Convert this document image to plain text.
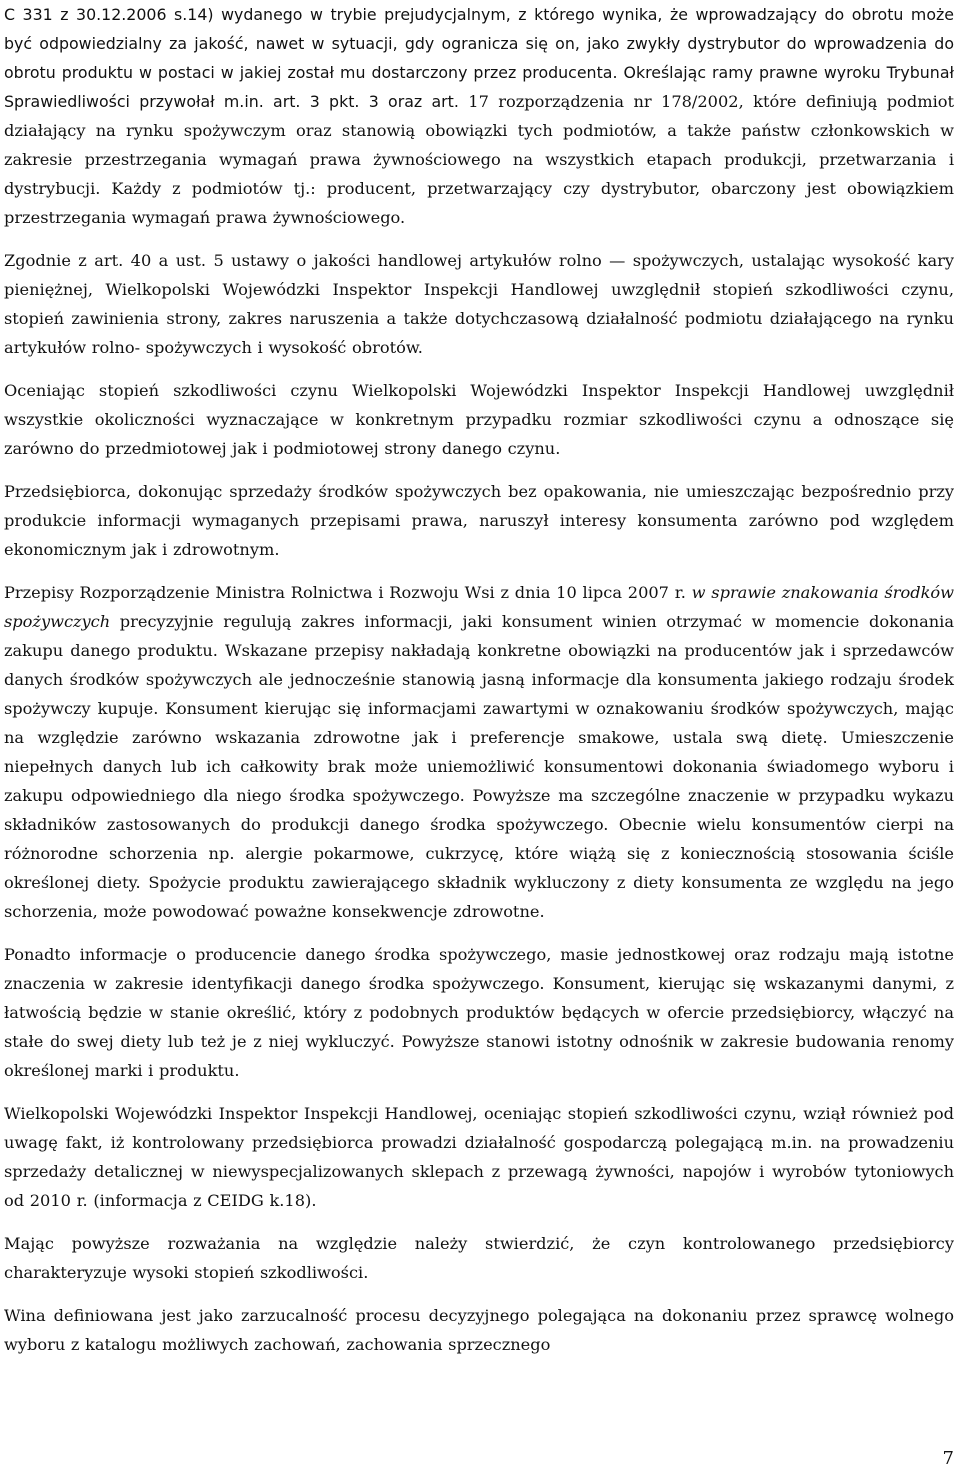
C 331 z 30.12.2006 s.14) wydanego w trybie prejudycjalnym, z którego wynika, że wprowadzający do obrotu może być odpowiedzialny za jakość, nawet w sytuacji, gdy ogranicza się on, jako zwykły dystrybutor do wprowadzenia do obrotu produktu w postaci w jakiej został mu dostarczony przez producenta. Określając ramy prawne wyroku Trybunał Sprawiedliwości przywołał m.in. art. 3 pkt. 3 oraz art. 17 rozporządzenia nr 178/2002, które definiują podmiot działający na rynku spożywczym oraz stanowią obowiązki tych podmiotów, a także państw członkowskich w zakresie przestrzegania wymagań prawa żywnościowego na wszystkich etapach produkcji, przetwarzania i dystrybucji. Każdy z podmiotów tj.: producent, przetwarzający czy dystrybutor, obarczony jest obowiązkiem przestrzegania wymagań prawa żywnościowego.

Zgodnie z art. 40 a ust. 5 ustawy o jakości handlowej artykułów rolno — spożywczych, ustalając wysokość kary pieniężnej, Wielkopolski Wojewódzki Inspektor Inspekcji Handlowej uwzględnił stopień szkodliwości czynu, stopień zawinienia strony, zakres naruszenia a także dotychczasową działalność podmiotu działającego na rynku artykułów rolno- spożywczych i wysokość obrotów.

Oceniając stopień szkodliwości czynu Wielkopolski Wojewódzki Inspektor Inspekcji Handlowej uwzględnił wszystkie okoliczności wyznaczające w konkretnym przypadku rozmiar szkodliwości czynu a odnoszące się zarówno do przedmiotowej jak i podmiotowej strony danego czynu.

Przedsiębiorca, dokonując sprzedaży środków spożywczych bez opakowania, nie umieszczając bezpośrednio przy produkcie informacji wymaganych przepisami prawa, naruszył interesy konsumenta zarówno pod względem ekonomicznym jak i zdrowotnym.

Przepisy Rozporządzenie Ministra Rolnictwa i Rozwoju Wsi z dnia 10 lipca 2007 r. w sprawie znakowania środków spożywczych precyzyjnie regulują zakres informacji, jaki konsument winien otrzymać w momencie dokonania zakupu danego produktu. Wskazane przepisy nakładają konkretne obowiązki na producentów jak i sprzedawców danych środków spożywczych ale jednocześnie stanowią jasną informacje dla konsumenta jakiego rodzaju środek spożywczy kupuje. Konsument kierując się informacjami zawartymi w oznakowaniu środków spożywczych, mając na względzie zarówno wskazania zdrowotne jak i preferencje smakowe, ustala swą dietę. Umieszczenie niepełnych danych lub ich całkowity brak może uniemożliwić konsumentowi dokonania świadomego wyboru i zakupu odpowiedniego dla niego środka spożywczego. Powyższe ma szczególne znaczenie w przypadku wykazu składników zastosowanych do produkcji danego środka spożywczego. Obecnie wielu konsumentów cierpi na różnorodne schorzenia np. alergie pokarmowe, cukrzycę, które wiążą się z koniecznością stosowania ściśle określonej diety. Spożycie produktu zawierającego składnik wykluczony z diety konsumenta ze względu na jego schorzenia, może powodować poważne konsekwencje zdrowotne.

Ponadto informacje o producencie danego środka spożywczego, masie jednostkowej oraz rodzaju mają istotne znaczenia w zakresie identyfikacji danego środka spożywczego. Konsument, kierując się wskazanymi danymi, z łatwością będzie w stanie określić, który z podobnych produktów będących w ofercie przedsiębiorcy, włączyć na stałe do swej diety lub też je z niej wykluczyć. Powyższe stanowi istotny odnośnik w zakresie budowania renomy określonej marki i produktu.

Wielkopolski Wojewódzki Inspektor Inspekcji Handlowej, oceniając stopień szkodliwości czynu, wziął również pod uwagę fakt, iż kontrolowany przedsiębiorca prowadzi działalność gospodarczą polegającą m.in. na prowadzeniu sprzedaży detalicznej w niewyspecjalizowanych sklepach z przewagą żywności, napojów i wyrobów tytoniowych od 2010 r. (informacja z CEIDG k.18).

Mając powyższe rozważania na względzie należy stwierdzić, że czyn kontrolowanego przedsiębiorcy charakteryzuje wysoki stopień szkodliwości.

Wina definiowana jest jako zarzucalność procesu decyzyjnego polegająca na dokonaniu przez sprawcę wolnego wyboru z katalogu możliwych zachowań, zachowania sprzecznego

7
